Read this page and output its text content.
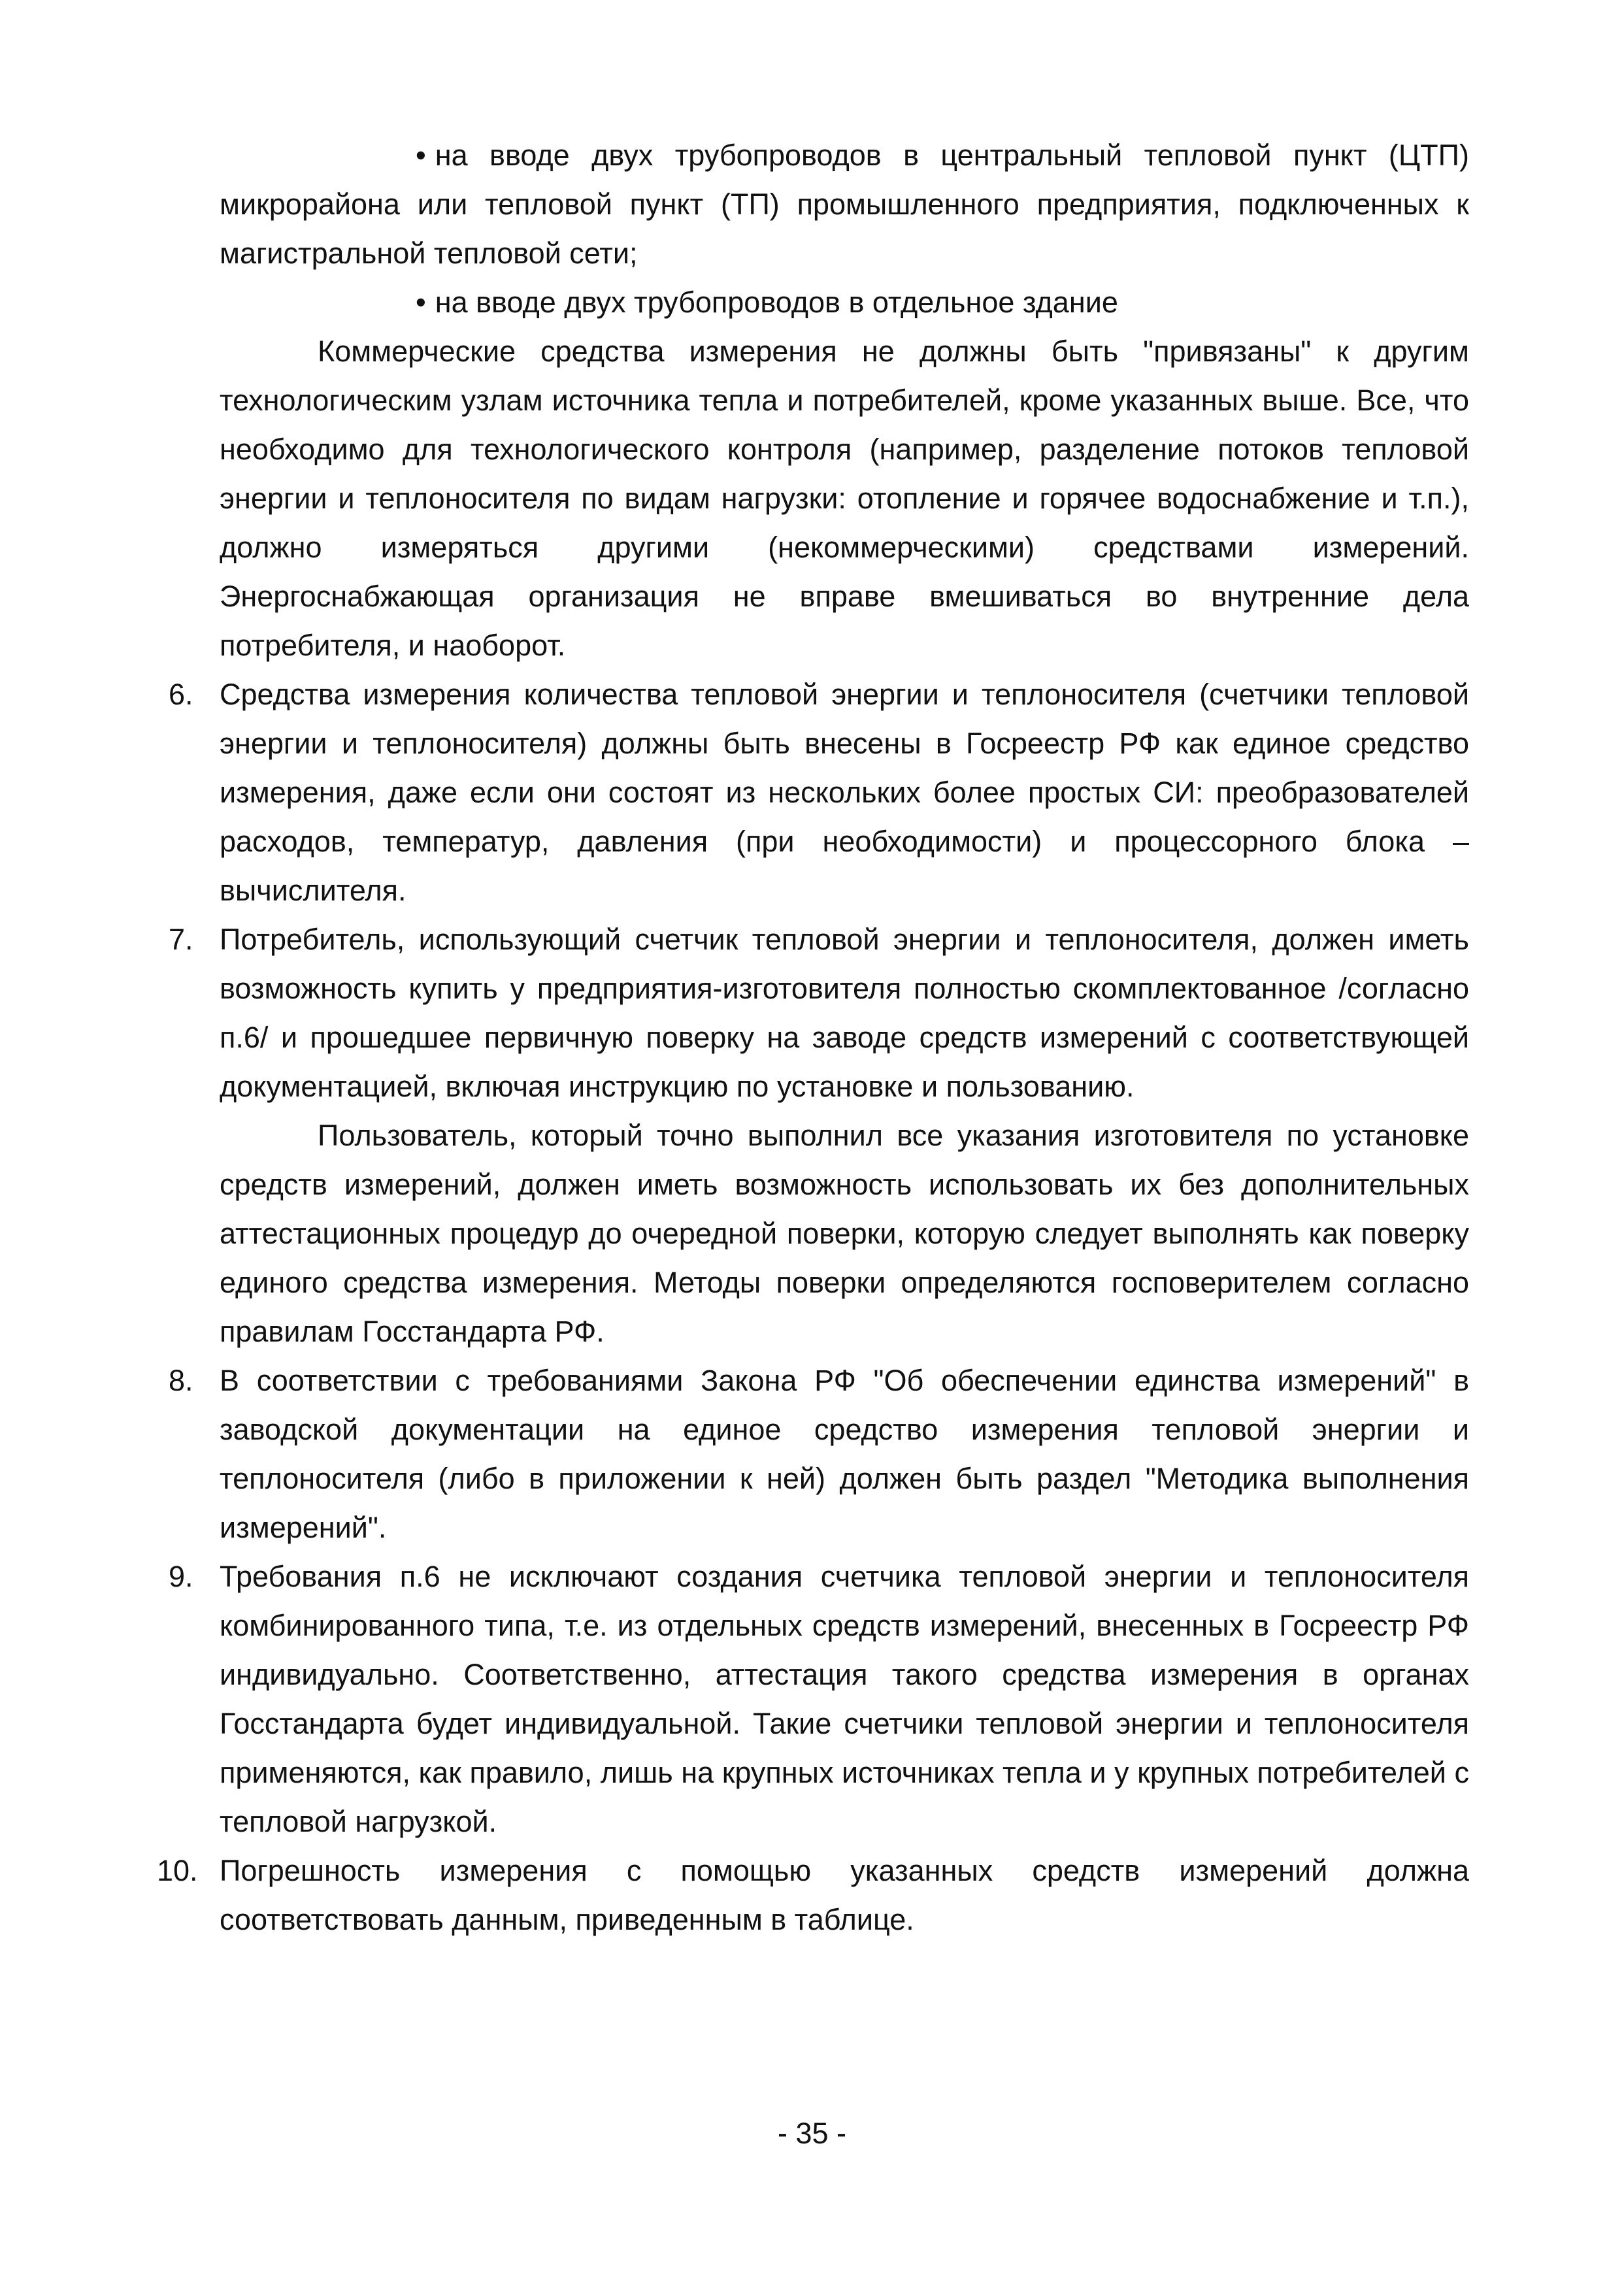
• на вводе двух трубопроводов в центральный тепловой пункт (ЦТП) микрорайона или тепловой пункт (ТП) промышленного предприятия, подключенных к магистральной тепловой сети;

• на вводе двух трубопроводов в отдельное здание

Коммерческие средства измерения не должны быть "привязаны" к другим технологическим узлам источника тепла и потребителей, кроме указанных выше. Все, что необходимо для технологического контроля (например, разделение потоков тепловой энергии и теплоносителя по видам нагрузки: отопление и горячее водоснабжение и т.п.), должно измеряться другими (некоммерческими) средствами измерений. Энергоснабжающая организация не вправе вмешиваться во внутренние дела потребителя, и наоборот.

6. Средства измерения количества тепловой энергии и теплоносителя (счетчики тепловой энергии и теплоносителя) должны быть внесены в Госреестр РФ как единое средство измерения, даже если они состоят из нескольких более простых СИ: преобразователей расходов, температур, давления (при необходимости) и процессорного блока – вычислителя.

7. Потребитель, использующий счетчик тепловой энергии и теплоносителя, должен иметь возможность купить у предприятия-изготовителя полностью скомплектованное /согласно п.6/ и прошедшее первичную поверку на заводе средств измерений с соответствующей документацией, включая инструкцию по установке и пользованию.

Пользователь, который точно выполнил все указания изготовителя по установке средств измерений, должен иметь возможность использовать их без дополнительных аттестационных процедур до очередной поверки, которую следует выполнять как поверку единого средства измерения. Методы поверки определяются госповерителем согласно правилам Госстандарта РФ.

8. В соответствии с требованиями Закона РФ "Об обеспечении единства измерений" в заводской документации на единое средство измерения тепловой энергии и теплоносителя (либо в приложении к ней) должен быть раздел "Методика выполнения измерений".

9. Требования п.6 не исключают создания счетчика тепловой энергии и теплоносителя комбинированного типа, т.е. из отдельных средств измерений, внесенных в Госреестр РФ индивидуально. Соответственно, аттестация такого средства измерения в органах Госстандарта будет индивидуальной. Такие счетчики тепловой энергии и теплоносителя применяются, как правило, лишь на крупных источниках тепла и у крупных потребителей с тепловой нагрузкой.

10. Погрешность измерения с помощью указанных средств измерений должна соответствовать данным, приведенным в таблице.

- 35 -
